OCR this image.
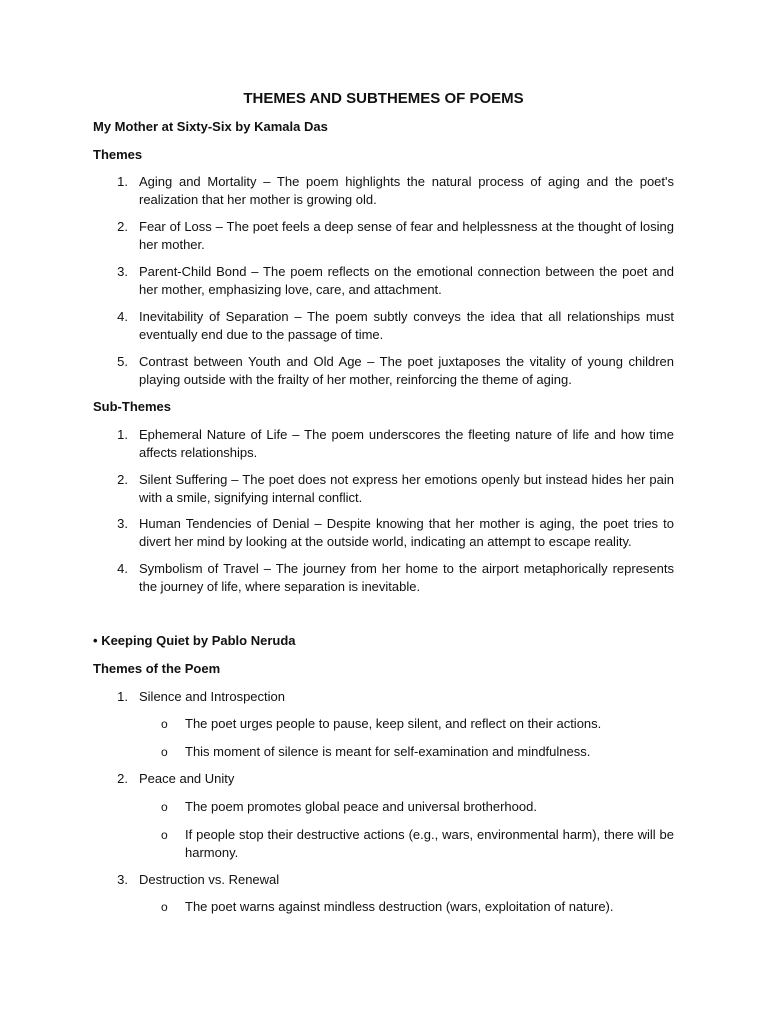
THEMES AND SUBTHEMES OF POEMS

My Mother at Sixty-Six by Kamala Das

Themes

1. Aging and Mortality – The poem highlights the natural process of aging and the poet's realization that her mother is growing old.
2. Fear of Loss – The poet feels a deep sense of fear and helplessness at the thought of losing her mother.
3. Parent-Child Bond – The poem reflects on the emotional connection between the poet and her mother, emphasizing love, care, and attachment.
4. Inevitability of Separation – The poem subtly conveys the idea that all relationships must eventually end due to the passage of time.
5. Contrast between Youth and Old Age – The poet juxtaposes the vitality of young children playing outside with the frailty of her mother, reinforcing the theme of aging.

Sub-Themes

1. Ephemeral Nature of Life – The poem underscores the fleeting nature of life and how time affects relationships.
2. Silent Suffering – The poet does not express her emotions openly but instead hides her pain with a smile, signifying internal conflict.
3. Human Tendencies of Denial – Despite knowing that her mother is aging, the poet tries to divert her mind by looking at the outside world, indicating an attempt to escape reality.
4. Symbolism of Travel – The journey from her home to the airport metaphorically represents the journey of life, where separation is inevitable.

• Keeping Quiet by Pablo Neruda

Themes of the Poem

1. Silence and Introspection
o The poet urges people to pause, keep silent, and reflect on their actions.
o This moment of silence is meant for self-examination and mindfulness.
2. Peace and Unity
o The poem promotes global peace and universal brotherhood.
o If people stop their destructive actions (e.g., wars, environmental harm), there will be harmony.
3. Destruction vs. Renewal
o The poet warns against mindless destruction (wars, exploitation of nature).
